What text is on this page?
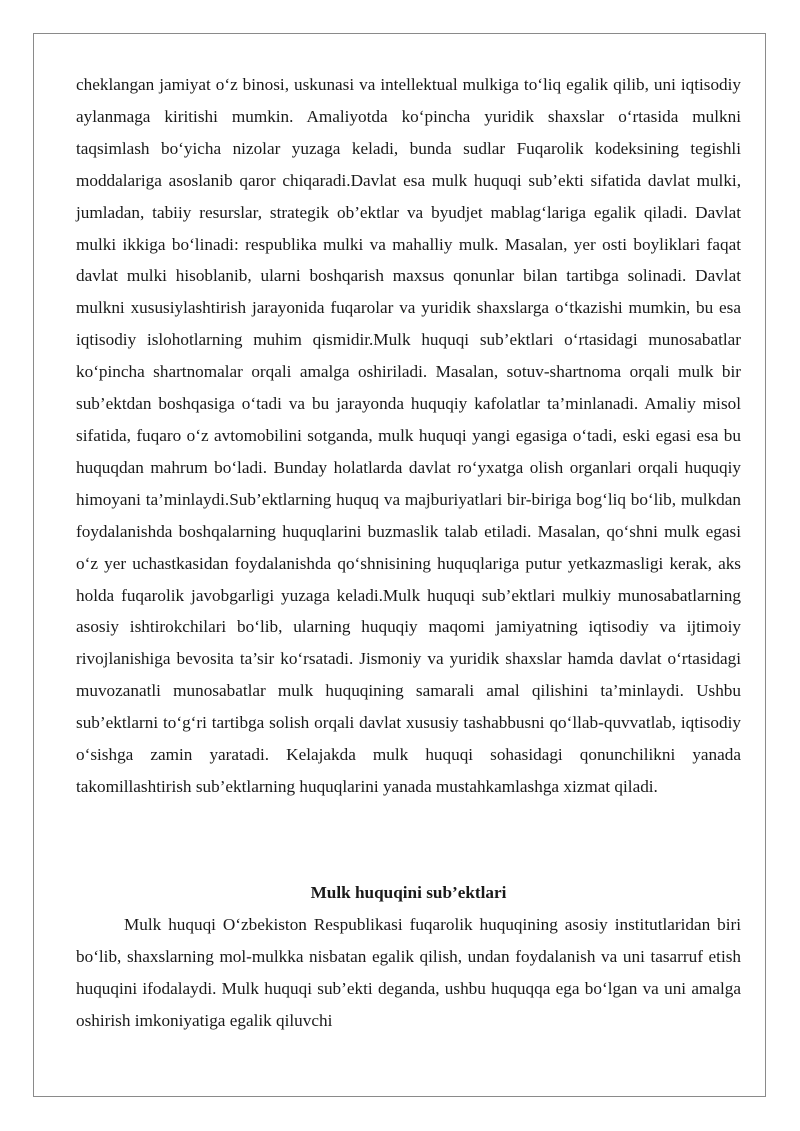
cheklangan jamiyat o‘z binosi, uskunasi va intellektual mulkiga to‘liq egalik qilib, uni iqtisodiy aylanmaga kiritishi mumkin. Amaliyotda ko‘pincha yuridik shaxslar o‘rtasida mulkni taqsimlash bo‘yicha nizolar yuzaga keladi, bunda sudlar Fuqarolik kodeksining tegishli moddalariga asoslanib qaror chiqaradi.Davlat esa mulk huquqi sub’ekti sifatida davlat mulki, jumladan, tabiiy resurslar, strategik ob’ektlar va byudjet mablag‘lariga egalik qiladi. Davlat mulki ikkiga bo‘linadi: respublika mulki va mahalliy mulk. Masalan, yer osti boyliklari faqat davlat mulki hisoblanib, ularni boshqarish maxsus qonunlar bilan tartibga solinadi. Davlat mulkni xususiylashtirish jarayonida fuqarolar va yuridik shaxslarga o‘tkazishi mumkin, bu esa iqtisodiy islohotlarning muhim qismidir.Mulk huquqi sub’ektlari o‘rtasidagi munosabatlar ko‘pincha shartnomalar orqali amalga oshiriladi. Masalan, sotuv-shartnoma orqali mulk bir sub’ektdan boshqasiga o‘tadi va bu jarayonda huquqiy kafolatlar ta’minlanadi. Amaliy misol sifatida, fuqaro o‘z avtomobilini sotganda, mulk huquqi yangi egasiga o‘tadi, eski egasi esa bu huquqdan mahrum bo‘ladi. Bunday holatlarda davlat ro‘yxatga olish organlari orqali huquqiy himoyani ta’minlaydi.Sub’ektlarning huquq va majburiyatlari bir-biriga bog‘liq bo‘lib, mulkdan foydalanishda boshqalarning huquqlarini buzmaslik talab etiladi. Masalan, qo‘shni mulk egasi o‘z yer uchastkasidan foydalanishda qo‘shnisining huquqlariga putur yetkazmasligi kerak, aks holda fuqarolik javobgarligi yuzaga keladi.Mulk huquqi sub’ektlari mulkiy munosabatlarning asosiy ishtirokchilari bo‘lib, ularning huquqiy maqomi jamiyatning iqtisodiy va ijtimoiy rivojlanishiga bevosita ta’sir ko‘rsatadi. Jismoniy va yuridik shaxslar hamda davlat o‘rtasidagi muvozanatli munosabatlar mulk huquqining samarali amal qilishini ta’minlaydi. Ushbu sub’ektlarni to‘g‘ri tartibga solish orqali davlat xususiy tashabbusni qo‘llab-quvvatlab, iqtisodiy o‘sishga zamin yaratadi. Kelajakda mulk huquqi sohasidagi qonunchilikni yanada takomillashtirish sub’ektlarning huquqlarini yanada mustahkamlashga xizmat qiladi.

Mulk huquqini sub’ektlari

Mulk huquqi O‘zbekiston Respublikasi fuqarolik huquqining asosiy institutlaridan biri bo‘lib, shaxslarning mol-mulkka nisbatan egalik qilish, undan foydalanish va uni tasarruf etish huquqini ifodalaydi. Mulk huquqi sub’ekti deganda, ushbu huquqqa ega bo‘lgan va uni amalga oshirish imkoniyatiga egalik qiluvchi
